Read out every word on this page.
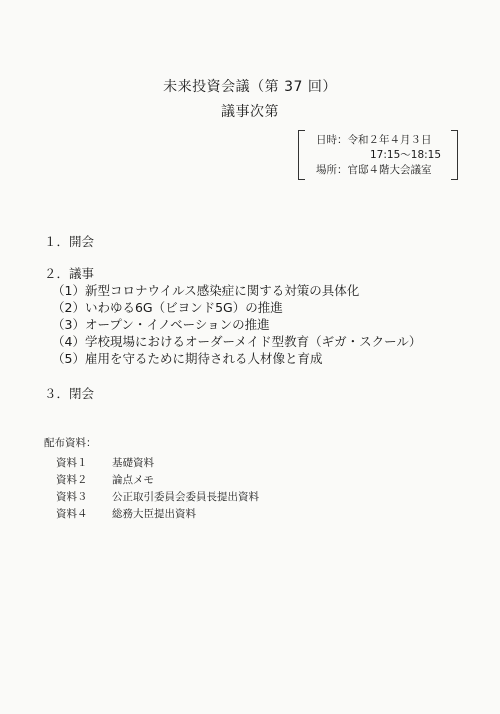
未来投資会議（第 37 回）
議事次第
日時：令和２年４月３日
17:15～18:15
場所：官邸４階大会議室
１．開会
２．議事
（1）新型コロナウイルス感染症に関する対策の具体化
（2）いわゆる6G（ビヨンド5G）の推進
（3）オープン・イノベーションの推進
（4）学校現場におけるオーダーメイド型教育（ギガ・スクール）
（5）雇用を守るために期待される人材像と育成
３．閉会
配布資料：
資料１ 基礎資料
資料２ 論点メモ
資料３ 公正取引委員会委員長提出資料
資料４ 総務大臣提出資料
